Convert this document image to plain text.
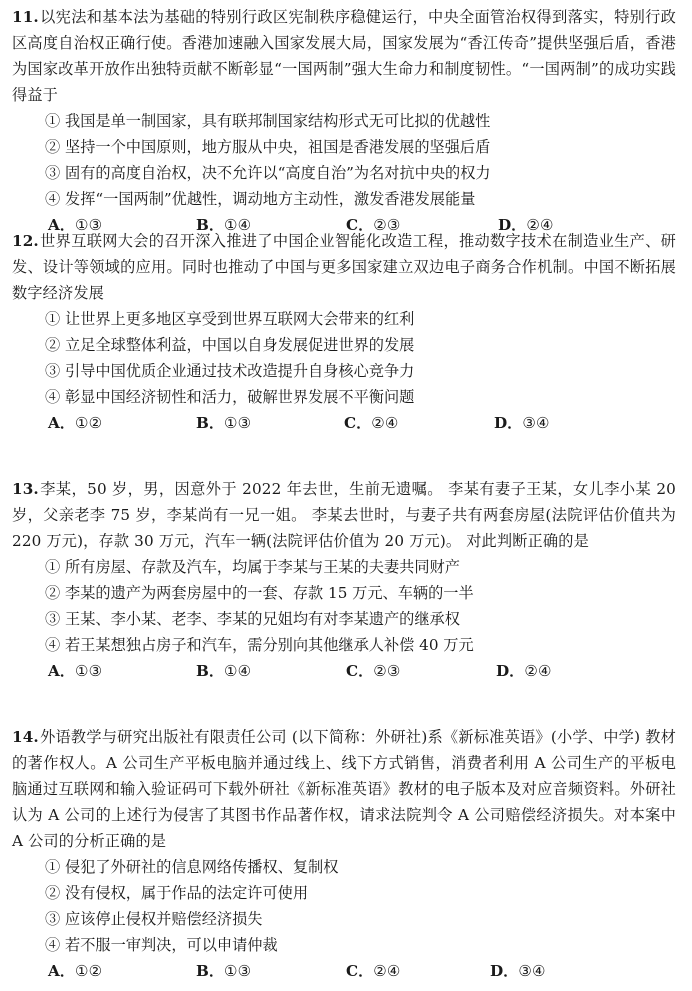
11.以宪法和基本法为基础的特别行政区宪制秩序稳健运行，中央全面管治权得到落实，特别行政区高度自治权正确行使。香港加速融入国家发展大局，国家发展为“香江传奇”提供坚强后盾，香港为国家改革开放作出独特贡献不断彰显“一国两制”强大生命力和制度韧性。“一国两制”的成功实践得益于

① 我国是单一制国家，具有联邦制国家结构形式无可比拟的优越性

② 坚持一个中国原则，地方服从中央，祖国是香港发展的坚强后盾

③ 固有的高度自治权，决不允许以“高度自治”为名对抗中央的权力

④ 发挥“一国两制”优越性，调动地方主动性，激发香港发展能量

A．①③	B．①④	C．②③	D．②④

12.世界互联网大会的召开深入推进了中国企业智能化改造工程，推动数字技术在制造业生产、研发、设计等领域的应用。同时也推动了中国与更多国家建立双边电子商务合作机制。中国不断拓展数字经济发展

① 让世界上更多地区享受到世界互联网大会带来的红利

② 立足全球整体利益，中国以自身发展促进世界的发展

③ 引导中国优质企业通过技术改造提升自身核心竞争力

④ 彰显中国经济韧性和活力，破解世界发展不平衡问题

A．①②	B．①③	C．②④	D．③④

13.李某，50 岁，男，因意外于 2022 年去世，生前无遗嘱。 李某有妻子王某，女儿李小某 20 岁，父亲老李 75 岁，李某尚有一兄一姐。 李某去世时，与妻子共有两套房屋(法院评估价值共为 220 万元)，存款 30 万元，汽车一辆(法院评估价值为 20 万元)。 对此判断正确的是

① 所有房屋、存款及汽车，均属于李某与王某的夫妻共同财产

② 李某的遗产为两套房屋中的一套、存款 15 万元、车辆的一半

③ 王某、李小某、老李、李某的兄姐均有对李某遗产的继承权

④ 若王某想独占房子和汽车，需分别向其他继承人补偿 40 万元

A．①③	B．①④	C．②③	D．②④

14.外语教学与研究出版社有限责任公司 (以下简称：外研社)系《新标准英语》(小学、中学) 教材的著作权人。A 公司生产平板电脑并通过线上、线下方式销售，消费者利用 A 公司生产的平板电脑通过互联网和输入验证码可下载外研社《新标准英语》教材的电子版本及对应音频资料。外研社认为 A 公司的上述行为侵害了其图书作品著作权，请求法院判令 A 公司赔偿经济损失。对本案中 A 公司的分析正确的是

① 侵犯了外研社的信息网络传播权、复制权

② 没有侵权，属于作品的法定许可使用

③ 应该停止侵权并赔偿经济损失

④ 若不服一审判决，可以申请仲裁

A．①②	B．①③	C．②④	D．③④
